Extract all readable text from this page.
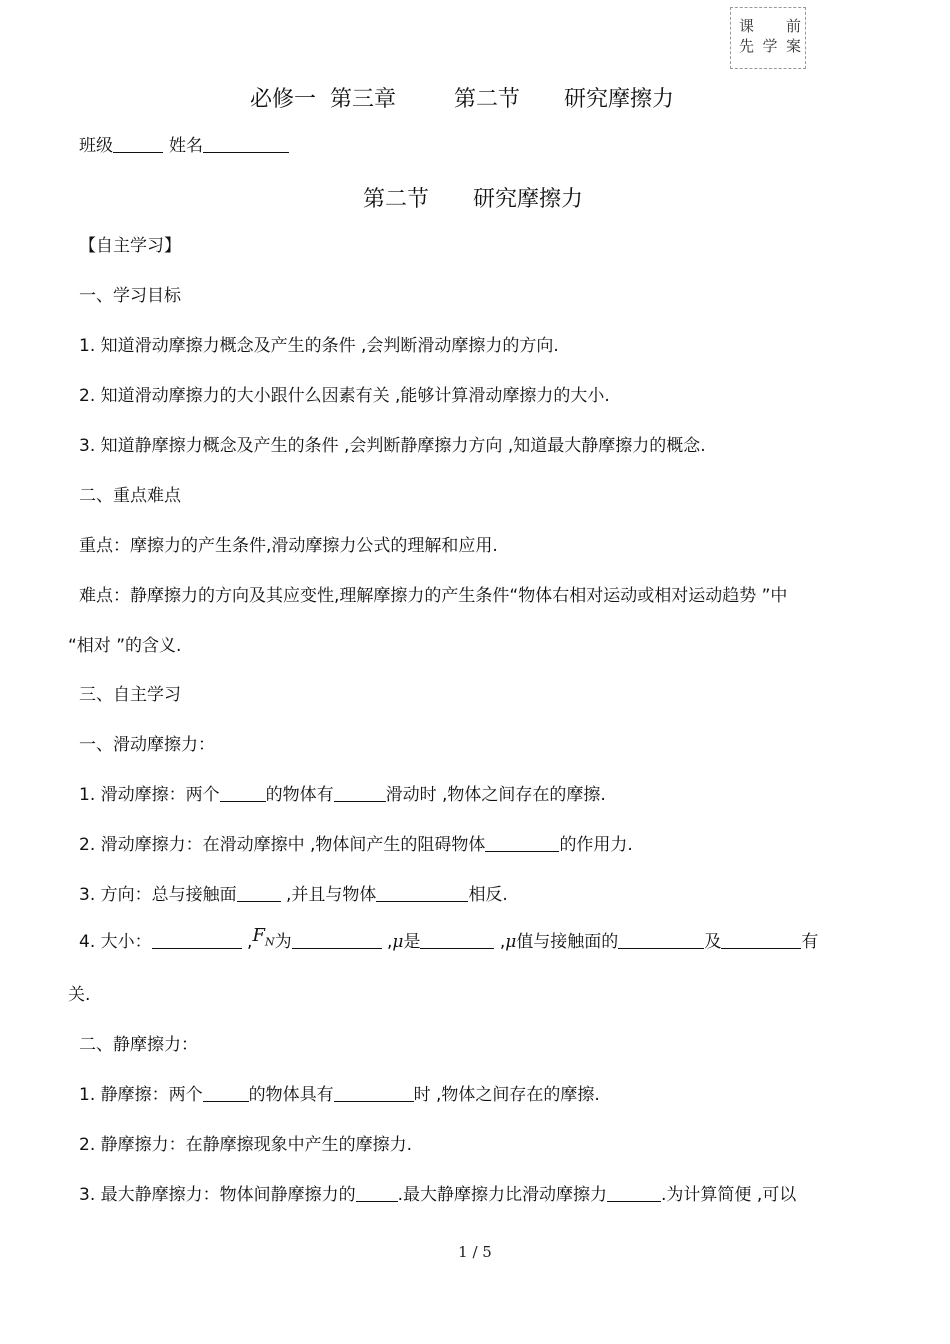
课 前
先 学 案
必修一 第三章	第二节 研究摩擦力
班级	姓名
第二节 研究摩擦力
【自主学习】
一、学习目标
1. 知道滑动摩擦力概念及产生的条件 ,会判断滑动摩擦力的方向.
2. 知道滑动摩擦力的大小跟什么因素有关 ,能够计算滑动摩擦力的大小.
3. 知道静摩擦力概念及产生的条件 ,会判断静摩擦力方向 ,知道最大静摩擦力的概念.
二、重点难点
重点：摩擦力的产生条件,滑动摩擦力公式的理解和应用.
难点：静摩擦力的方向及其应变性,理解摩擦力的产生条件“物体右相对运动或相对运动趋势 ”中
“相对 ”的含义.
三、自主学习
一、滑动摩擦力：
1. 滑动摩擦：两个	的物体有	滑动时 ,物体之间存在的摩擦.
2. 滑动摩擦力：在滑动摩擦中 ,物体间产生的阻碍物体	的作用力.
3. 方向：总与接触面	,并且与物体	相反.
4. 大小：	$,F_N$为	,μ是	,μ值与接触面的	及	有
关.
二、静摩擦力：
1. 静摩擦：两个	的物体具有	时 ,物体之间存在的摩擦.
2. 静摩擦力：在静摩擦现象中产生的摩擦力.
3. 最大静摩擦力：物体间静摩擦力的 .最大静摩擦力比滑动摩擦力	.为计算简便 ,可以
1 / 5
